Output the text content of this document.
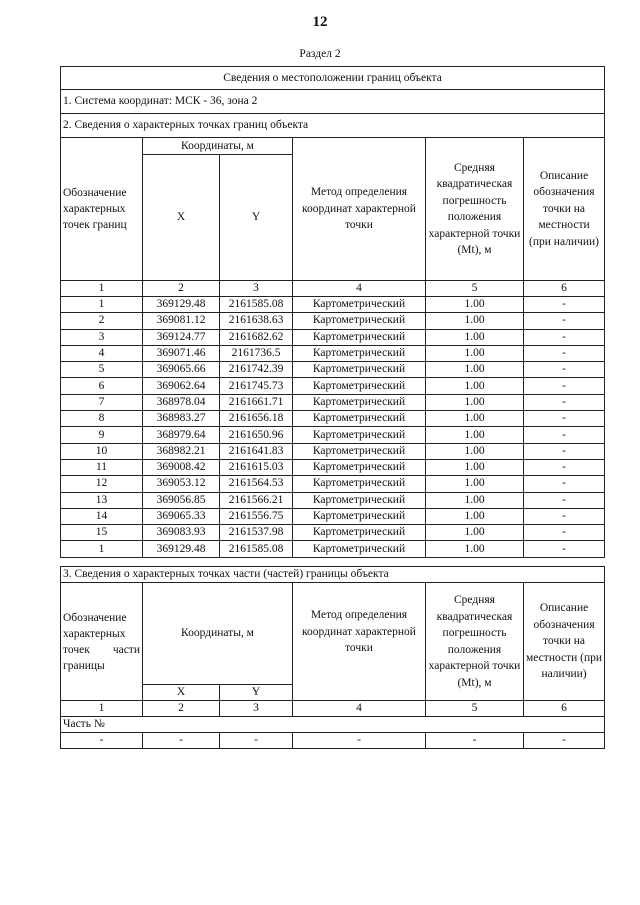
12
Раздел 2
Сведения о местоположении границ объекта					
1. Система координат: МСК - 36, зона 2					
2. Сведения о характерных точках границ объекта					
Обозначение характерных точек границ	Координаты, м		Метод определения координат характерной точки	Средняя квадратическая погрешность положения характерной точки (Mt), м	Описание обозначения точки на местности (при наличии)
	X	Y			
1	2	3	4	5	6
1	369129.48	2161585.08	Картометрический	1.00	-
2	369081.12	2161638.63	Картометрический	1.00	-
3	369124.77	2161682.62	Картометрический	1.00	-
4	369071.46	2161736.5	Картометрический	1.00	-
5	369065.66	2161742.39	Картометрический	1.00	-
6	369062.64	2161745.73	Картометрический	1.00	-
7	368978.04	2161661.71	Картометрический	1.00	-
8	368983.27	2161656.18	Картометрический	1.00	-
9	368979.64	2161650.96	Картометрический	1.00	-
10	368982.21	2161641.83	Картометрический	1.00	-
11	369008.42	2161615.03	Картометрический	1.00	-
12	369053.12	2161564.53	Картометрический	1.00	-
13	369056.85	2161566.21	Картометрический	1.00	-
14	369065.33	2161556.75	Картометрический	1.00	-
15	369083.93	2161537.98	Картометрический	1.00	-
1	369129.48	2161585.08	Картометрический	1.00	-
3. Сведения о характерных точках части (частей) границы объекта					

Обозначение характерных точек части границы	Координаты, м		Метод определения координат характерной точки	Средняя квадратическая погрешность положения характерной точки (Mt), м	Описание обозначения точки на местности (при наличии)
	X	Y			
1	2	3	4	5	6
Часть №					
-	-	-	-	-	-
